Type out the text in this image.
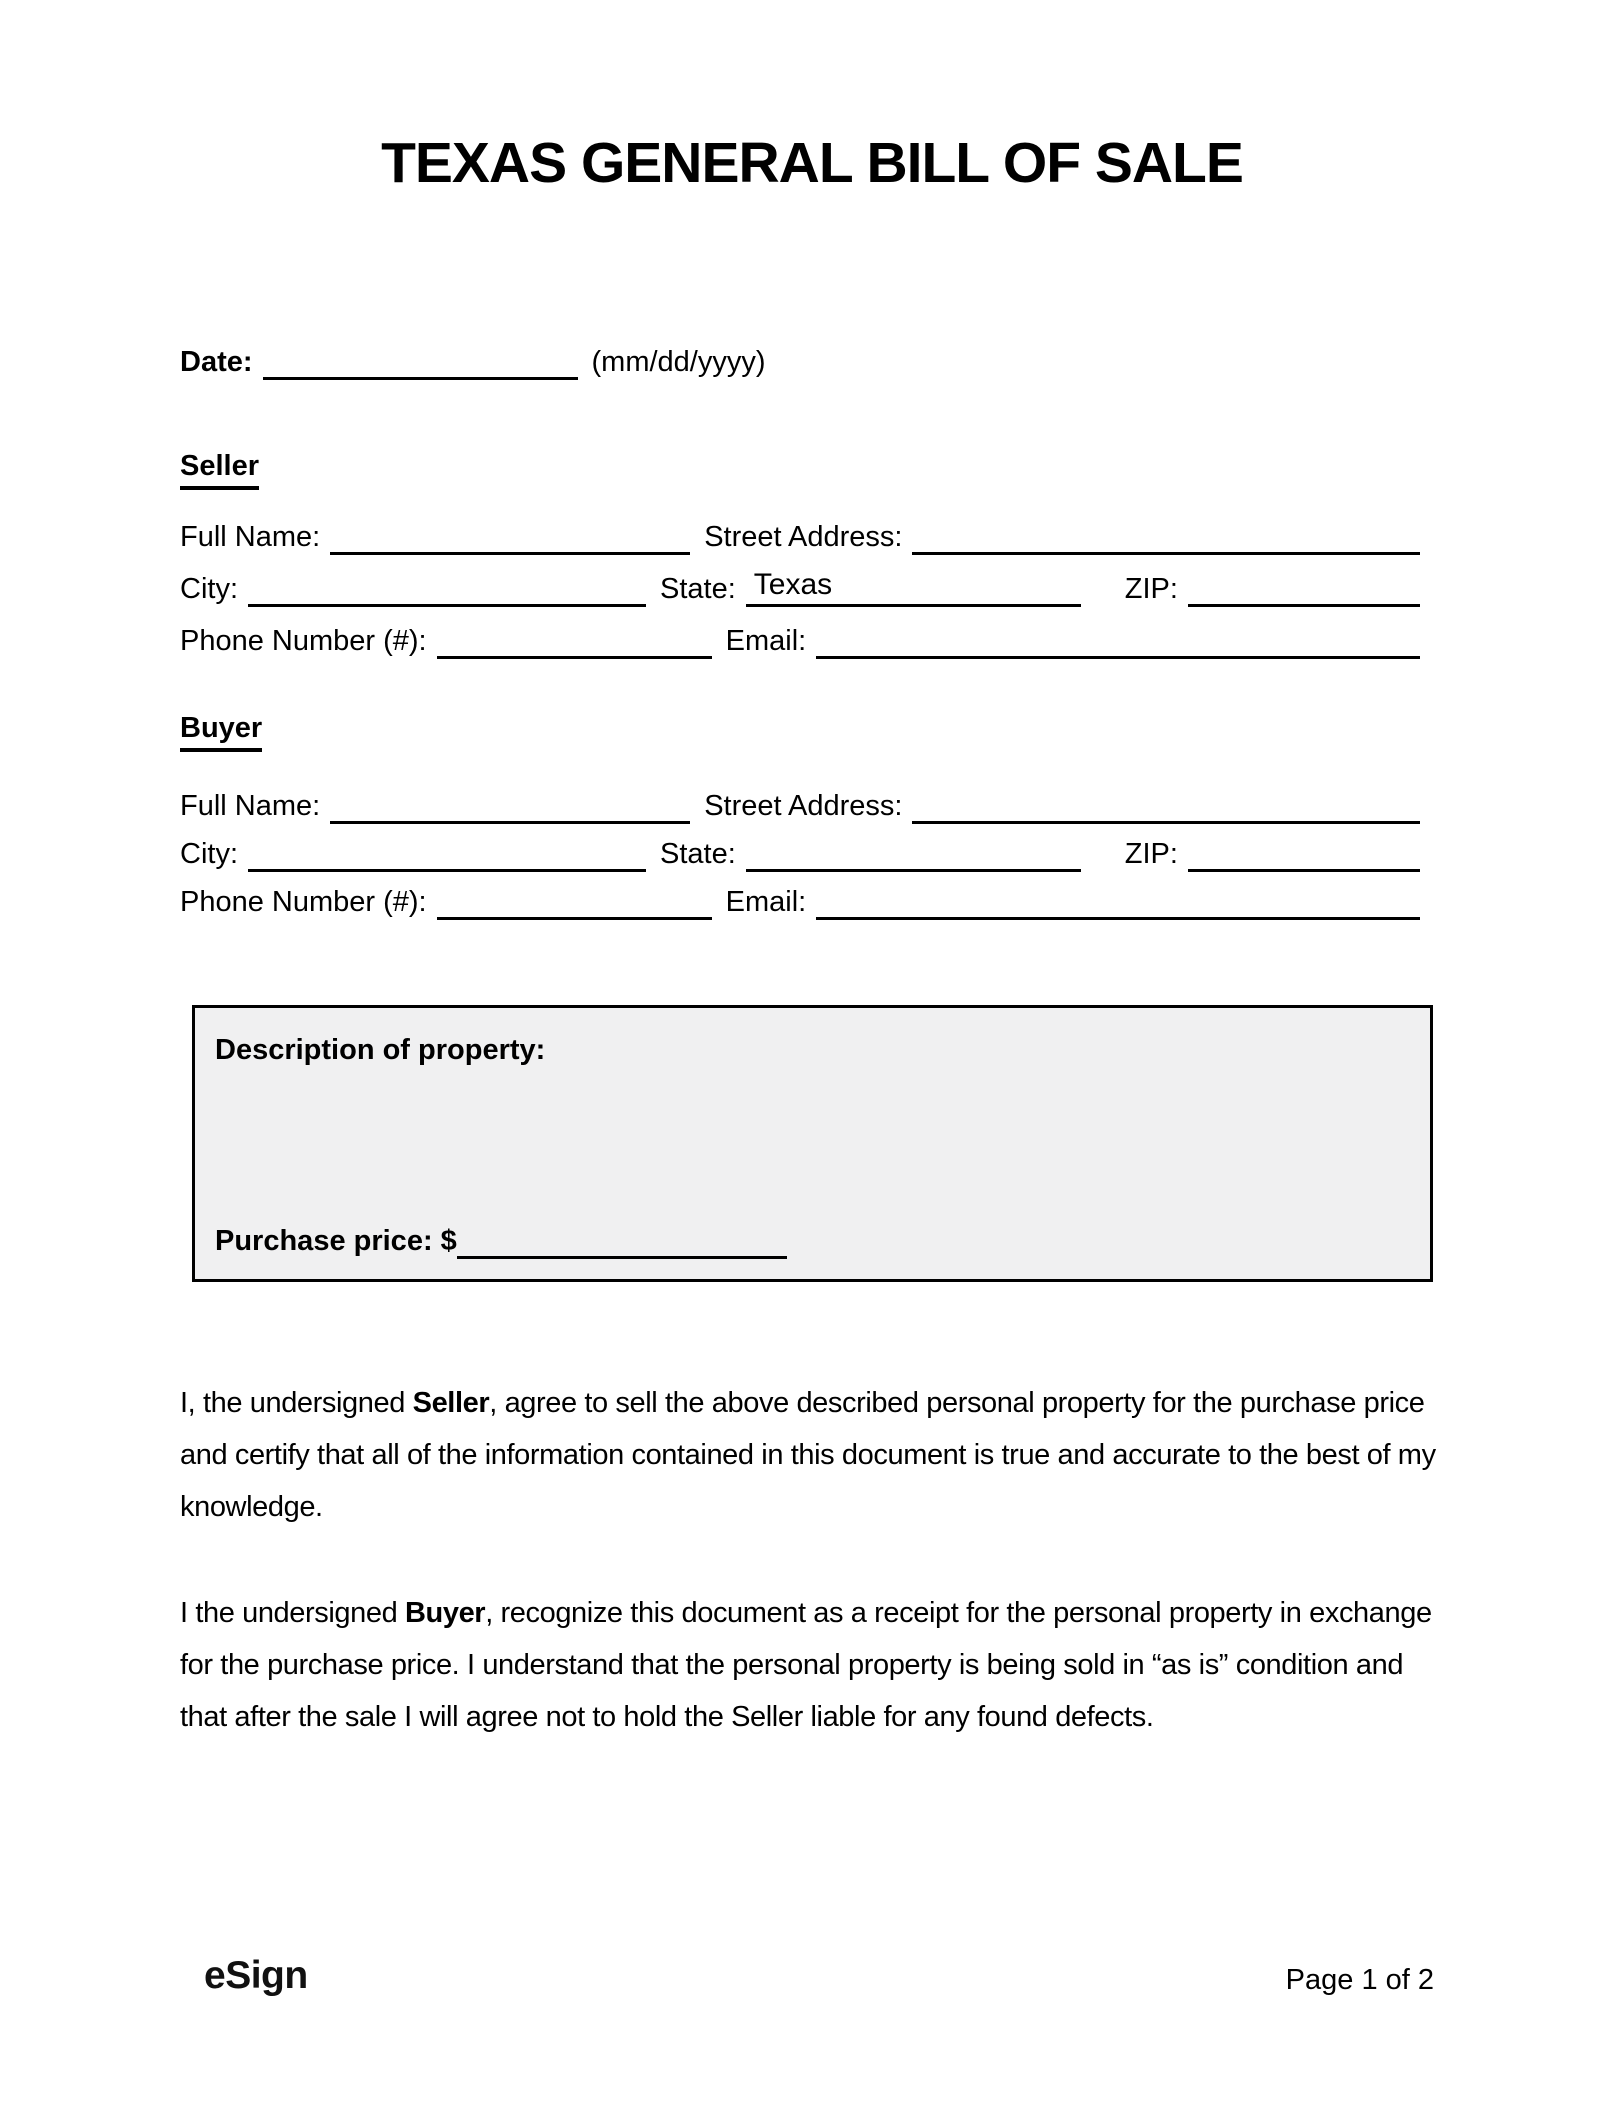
TEXAS GENERAL BILL OF SALE
Date:	(mm/dd/yyyy)
Seller
Full Name:	Street Address:
City:	State: Texas	ZIP:
Phone Number (#):	Email:
Buyer
Full Name:	Street Address:
City:	State:	ZIP:
Phone Number (#):	Email:
Description of property:
Purchase price: $

I, the undersigned Seller, agree to sell the above described personal property for the purchase price and certify that all of the information contained in this document is true and accurate to the best of my knowledge.

I the undersigned Buyer, recognize this document as a receipt for the personal property in exchange for the purchase price. I understand that the personal property is being sold in “as is” condition and that after the sale I will agree not to hold the Seller liable for any found defects.

eSign	Page 1 of 2
